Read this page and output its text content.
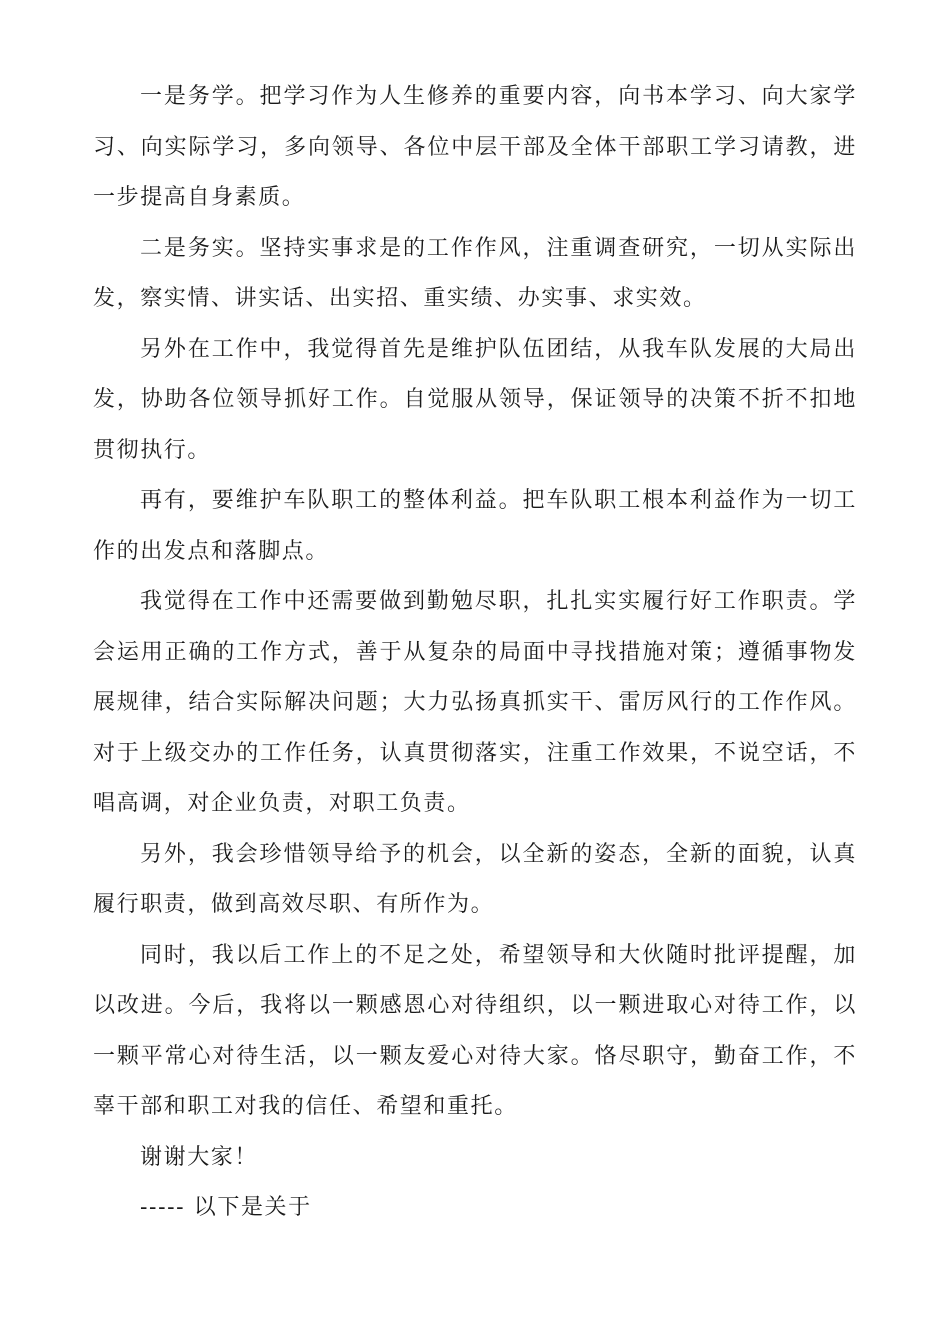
一是务学。把学习作为人生修养的重要内容，向书本学习、向大家学习、向实际学习，多向领导、各位中层干部及全体干部职工学习请教，进一步提高自身素质。

二是务实。坚持实事求是的工作作风，注重调查研究，一切从实际出发，察实情、讲实话、出实招、重实绩、办实事、求实效。

另外在工作中，我觉得首先是维护队伍团结，从我车队发展的大局出发，协助各位领导抓好工作。自觉服从领导，保证领导的决策不折不扣地贯彻执行。

再有，要维护车队职工的整体利益。把车队职工根本利益作为一切工作的出发点和落脚点。

我觉得在工作中还需要做到勤勉尽职，扎扎实实履行好工作职责。学会运用正确的工作方式，善于从复杂的局面中寻找措施对策；遵循事物发展规律，结合实际解决问题；大力弘扬真抓实干、雷厉风行的工作作风。对于上级交办的工作任务，认真贯彻落实，注重工作效果，不说空话，不唱高调，对企业负责，对职工负责。

另外，我会珍惜领导给予的机会，以全新的姿态，全新的面貌，认真履行职责，做到高效尽职、有所作为。

同时，我以后工作上的不足之处，希望领导和大伙随时批评提醒，加以改进。今后，我将以一颗感恩心对待组织，以一颗进取心对待工作，以一颗平常心对待生活，以一颗友爱心对待大家。恪尽职守，勤奋工作，不辜干部和职工对我的信任、希望和重托。

谢谢大家！

----- 以下是关于
